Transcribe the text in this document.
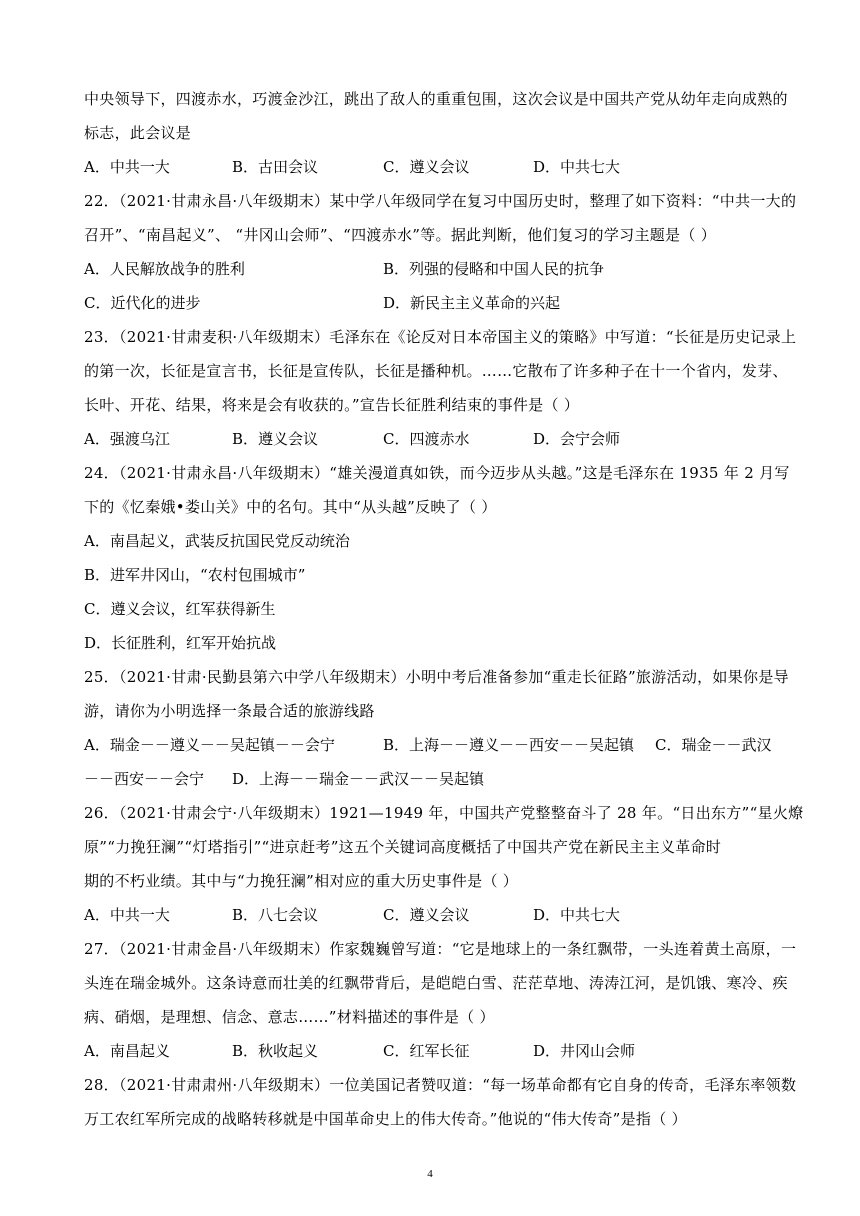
中央领导下，四渡赤水，巧渡金沙江，跳出了敌人的重重包围，这次会议是中国共产党从幼年走向成熟的
标志，此会议是
A．中共一大	B．古田会议	C．遵义会议	D．中共七大
22．（2021·甘肃永昌·八年级期末）某中学八年级同学在复习中国历史时，整理了如下资料：“中共一大的
召开”、“南昌起义”、 “井冈山会师”、“四渡赤水”等。据此判断，他们复习的学习主题是（ ）
A．人民解放战争的胜利	B．列强的侵略和中国人民的抗争
C．近代化的进步	D．新民主主义革命的兴起
23．（2021·甘肃麦积·八年级期末）毛泽东在《论反对日本帝国主义的策略》中写道：“长征是历史记录上
的第一次，长征是宣言书，长征是宣传队，长征是播种机。……它散布了许多种子在十一个省内，发芽、
长叶、开花、结果，将来是会有收获的。”宣告长征胜利结束的事件是（ ）
A．强渡乌江	B．遵义会议	C．四渡赤水	D．会宁会师
24．（2021·甘肃永昌·八年级期末）“雄关漫道真如铁，而今迈步从头越。”这是毛泽东在 1935 年 2 月写
下的《忆秦娥•娄山关》中的名句。其中“从头越”反映了（ ）
A．南昌起义，武装反抗国民党反动统治
B．进军井冈山，“农村包围城市”
C．遵义会议，红军获得新生
D．长征胜利，红军开始抗战
25．（2021·甘肃·民勤县第六中学八年级期末）小明中考后准备参加“重走长征路”旅游活动，如果你是导
游，请你为小明选择一条最合适的旅游线路
A．瑞金－－遵义－－吴起镇－－会宁	B．上海－－遵义－－西安－－吴起镇 C．瑞金－－武汉
－－西安－－会宁 D．上海－－瑞金－－武汉－－吴起镇
26．（2021·甘肃会宁·八年级期末）1921—1949 年，中国共产党整整奋斗了 28 年。“日出东方”“星火燎
原”“力挽狂澜”“灯塔指引”“进京赶考”这五个关键词高度概括了中国共产党在新民主主义革命时
期的不朽业绩。其中与“力挽狂澜”相对应的重大历史事件是（ ）
A．中共一大	B．八七会议	C．遵义会议	D．中共七大
27．（2021·甘肃金昌·八年级期末）作家魏巍曾写道：“它是地球上的一条红飘带，一头连着黄土高原，一
头连在瑞金城外。这条诗意而壮美的红飘带背后，是皑皑白雪、茫茫草地、涛涛江河，是饥饿、寒冷、疾
病、硝烟，是理想、信念、意志……”材料描述的事件是（ ）
A．南昌起义	B．秋收起义	C．红军长征	D．井冈山会师
28．（2021·甘肃肃州·八年级期末）一位美国记者赞叹道：“每一场革命都有它自身的传奇，毛泽东率领数
万工农红军所完成的战略转移就是中国革命史上的伟大传奇。”他说的“伟大传奇”是指（ ）
4
